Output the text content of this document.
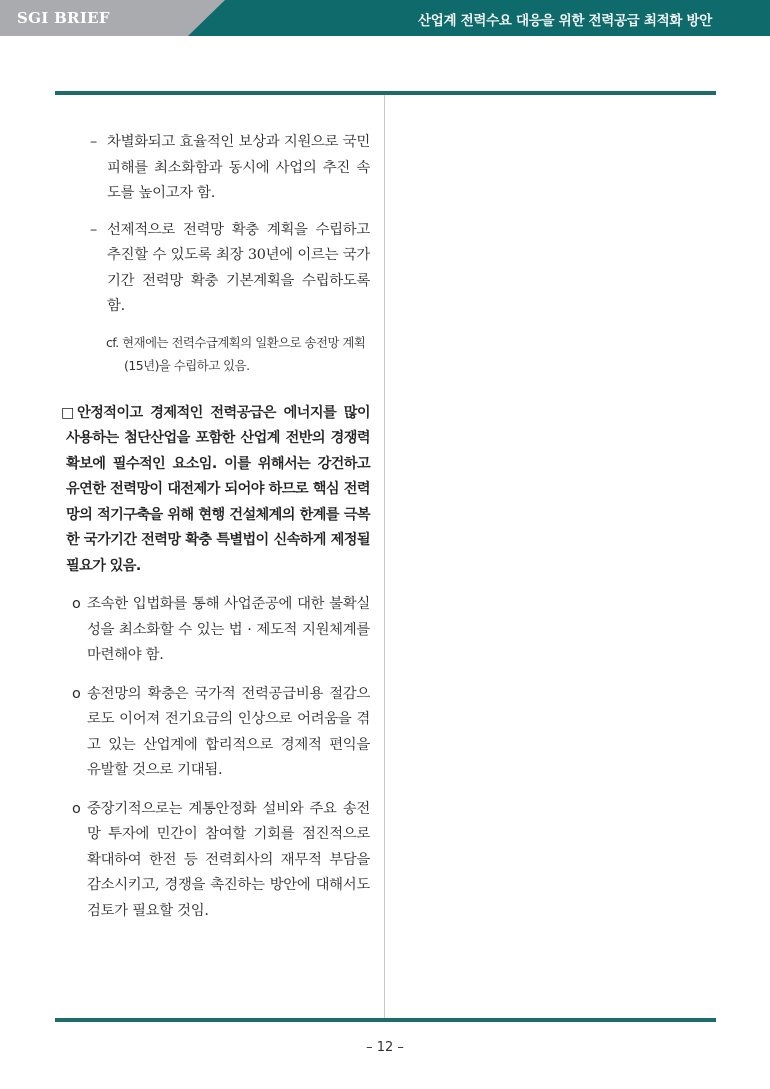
SGI BRIEF	산업계 전력수요 대응을 위한 전력공급 최적화 방안
– 차별화되고 효율적인 보상과 지원으로 국민 피해를 최소화함과 동시에 사업의 추진 속도를 높이고자 함.
– 선제적으로 전력망 확충 계획을 수립하고 추진할 수 있도록 최장 30년에 이르는 국가기간 전력망 확충 기본계획을 수립하도록 함.
cf. 현재에는 전력수급계획의 일환으로 송전망 계획(15년)을 수립하고 있음.
□ 안정적이고 경제적인 전력공급은 에너지를 많이 사용하는 첨단산업을 포함한 산업계 전반의 경쟁력 확보에 필수적인 요소임. 이를 위해서는 강건하고 유연한 전력망이 대전제가 되어야 하므로 핵심 전력망의 적기구축을 위해 현행 건설체계의 한계를 극복한 국가기간 전력망 확충 특별법이 신속하게 제정될 필요가 있음.
o 조속한 입법화를 통해 사업준공에 대한 불확실성을 최소화할 수 있는 법 · 제도적 지원체계를 마련해야 함.
o 송전망의 확충은 국가적 전력공급비용 절감으로도 이어져 전기요금의 인상으로 어려움을 겪고 있는 산업계에 합리적으로 경제적 편익을 유발할 것으로 기대됨.
o 중장기적으로는 계통안정화 설비와 주요 송전망 투자에 민간이 참여할 기회를 점진적으로 확대하여 한전 등 전력회사의 재무적 부담을 감소시키고, 경쟁을 촉진하는 방안에 대해서도 검토가 필요할 것임.
– 12 –
